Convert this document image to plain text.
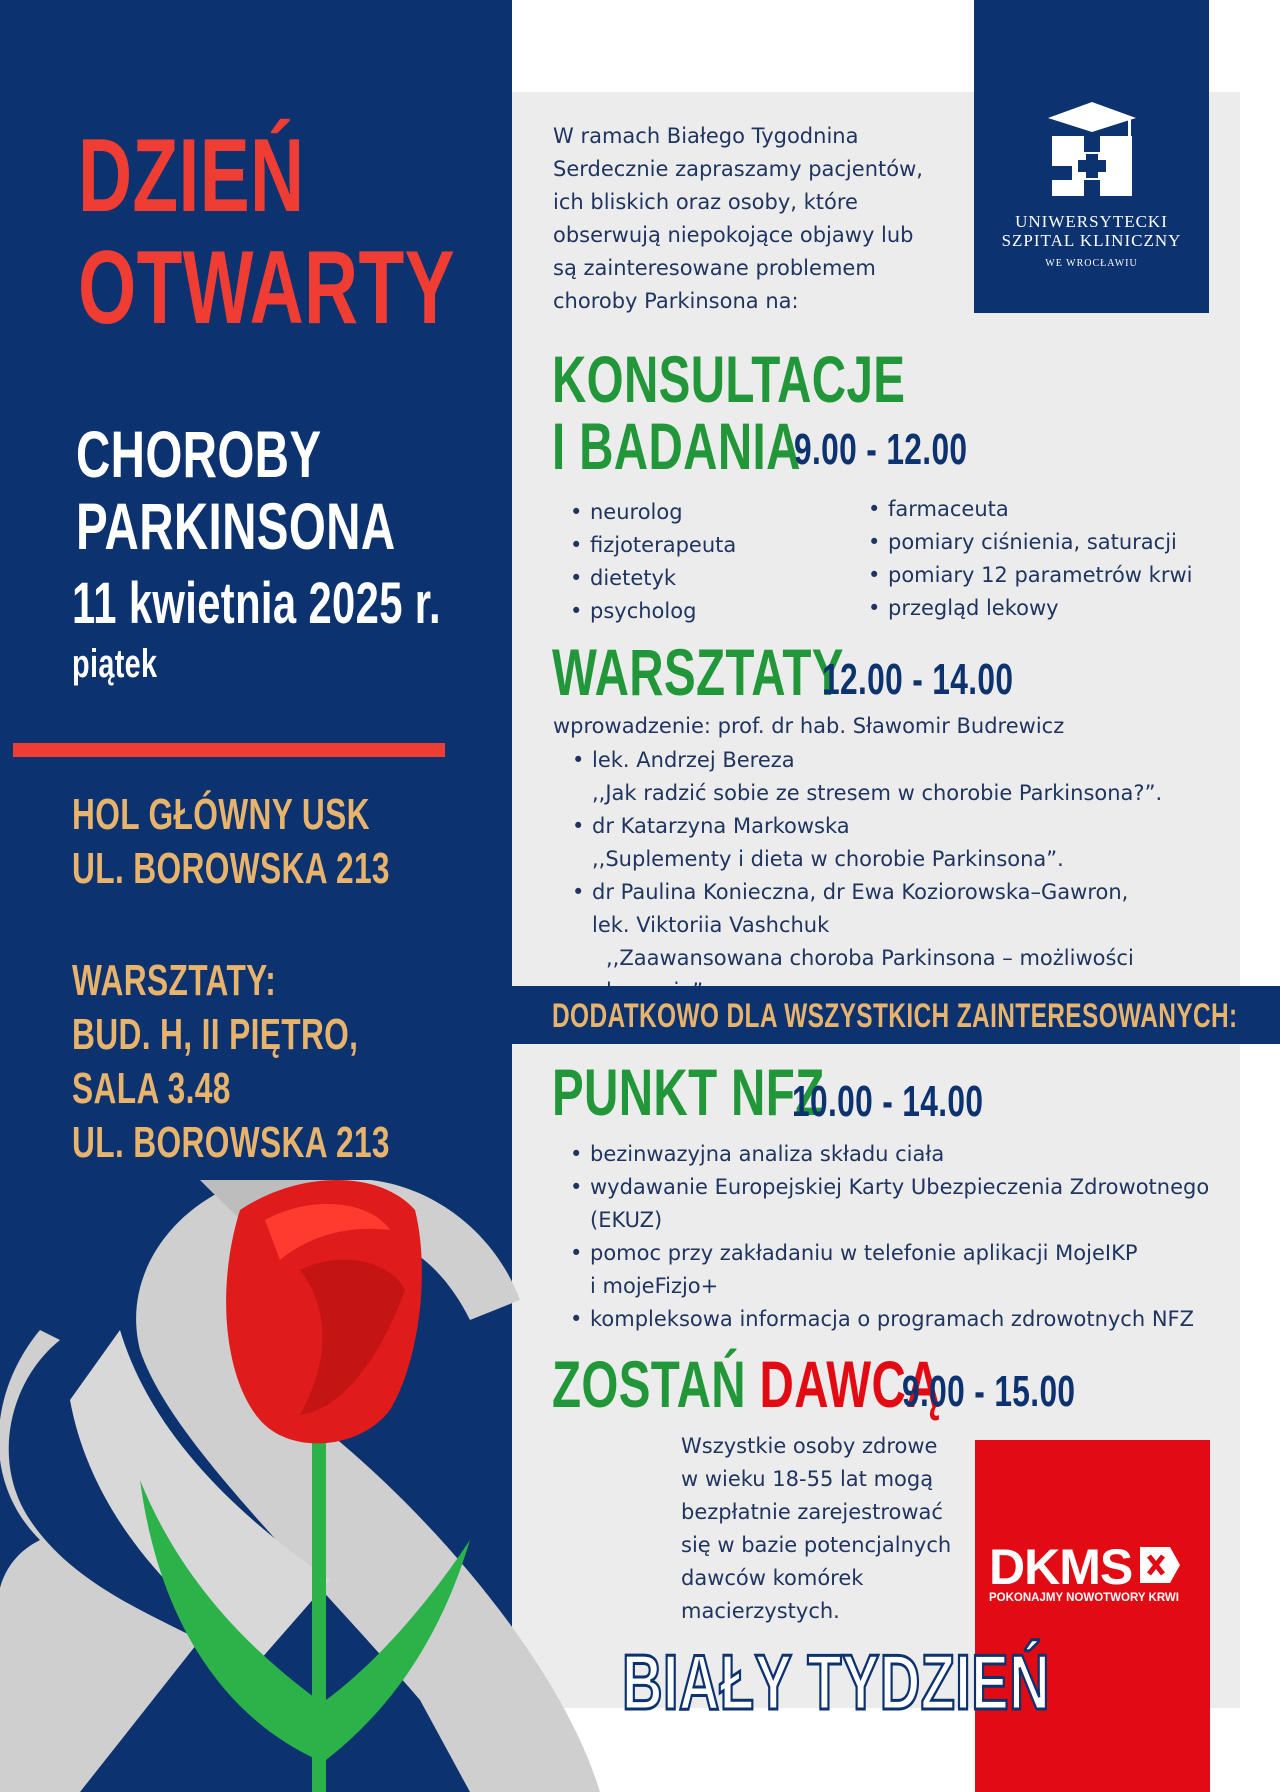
DZIEŃ
OTWARTY
CHOROBY
PARKINSONA
11 kwietnia 2025 r.
piątek
HOL GŁÓWNY USK
UL. BOROWSKA 213
WARSZTATY:
BUD. H, II PIĘTRO,
SALA 3.48
UL. BOROWSKA 213
W ramach Białego Tygodnina
Serdecznie zapraszamy pacjentów,
ich bliskich oraz osoby, które
obserwują niepokojące objawy lub
są zainteresowane problemem
choroby Parkinsona na:
UNIWERSYTECKI
SZPITAL KLINICZNY
WE WROCŁAWIU
KONSULTACJE
I BADANIA
9.00 - 12.00
• neurolog
• fizjoterapeuta
• dietetyk
• psycholog
• farmaceuta
• pomiary ciśnienia, saturacji
• pomiary 12 parametrów krwi
• przegląd lekowy
WARSZTATY
12.00 - 14.00
wprowadzenie: prof. dr hab. Sławomir Budrewicz
• lek. Andrzej Bereza
,,Jak radzić sobie ze stresem w chorobie Parkinsona?”.
• dr Katarzyna Markowska
,,Suplementy i dieta w chorobie Parkinsona”.
• dr Paulina Konieczna, dr Ewa Koziorowska–Gawron,
lek. Viktoriia Vashchuk
,,Zaawansowana choroba Parkinsona – możliwości
DODATKOWO DLA WSZYSTKICH ZAINTERESOWANYCH:
PUNKT NFZ
10.00 - 14.00
• bezinwazyjna analiza składu ciała
• wydawanie Europejskiej Karty Ubezpieczenia Zdrowotnego
(EKUZ)
• pomoc przy zakładaniu w telefonie aplikacji MojeIKP
i mojeFizjo+
• kompleksowa informacja o programach zdrowotnych NFZ
ZOSTAŃ DAWCĄ
9.00 - 15.00
Wszystkie osoby zdrowe
w wieku 18-55 lat mogą
bezpłatnie zarejestrować
się w bazie potencjalnych
dawców komórek
macierzystych.
DKMS
POKONAJMY NOWOTWORY KRWI
BIAŁY TYDZIEŃ
